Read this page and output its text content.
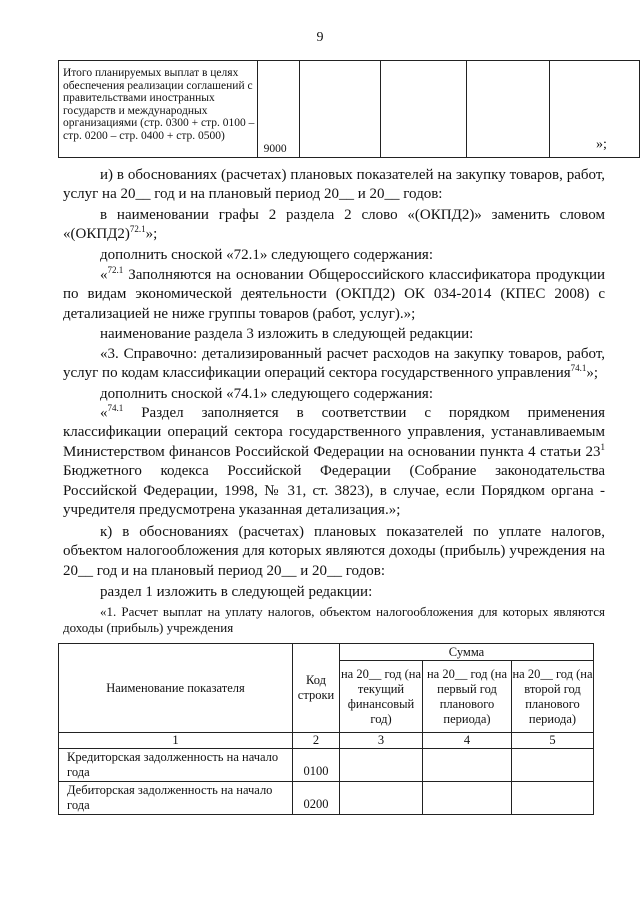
9
Итого планируемых выплат в целях обеспечения реализации соглашений с правительствами иностранных государств и международных организациями (стр. 0300 + стр. 0100 – стр. 0200 – стр. 0400 + стр. 0500)	9000					»;

и) в обоснованиях (расчетах) плановых показателей на закупку товаров, работ, услуг на 20__ год и на плановый период 20__ и 20__ годов:

в наименовании графы 2 раздела 2 слово «(ОКПД2)» заменить словом «(ОКПД2)$^{72.1}$»;

дополнить сноской «72.1» следующего содержания:

«$^{72.1}$ Заполняются на основании Общероссийского классификатора продукции по видам экономической деятельности (ОКПД2) ОК 034-2014 (КПЕС 2008) с детализацией не ниже группы товаров (работ, услуг).»;

наименование раздела 3 изложить в следующей редакции:

«3. Справочно: детализированный расчет расходов на закупку товаров, работ, услуг по кодам классификации операций сектора государственного управления$^{74.1}$»;

дополнить сноской «74.1» следующего содержания:

«$^{74.1}$ Раздел заполняется в соответствии с порядком применения классификации операций сектора государственного управления, устанавливаемым Министерством финансов Российской Федерации на основании пункта 4 статьи $23^1$ Бюджетного кодекса Российской Федерации (Собрание законодательства Российской Федерации, 1998, № 31, ст. 3823), в случае, если Порядком органа - учредителя предусмотрена указанная детализация.»;

к) в обоснованиях (расчетах) плановых показателей по уплате налогов, объектом налогообложения для которых являются доходы (прибыль) учреждения на 20__ год и на плановый период 20__ и 20__ годов:

раздел 1 изложить в следующей редакции:

«1. Расчет выплат на уплату налогов, объектом налогообложения для которых являются доходы (прибыль) учреждения

Наименование показателя	Код строки	Сумма		
		на 20__ год (на текущий финансовый год)	на 20__ год (на первый год планового периода)	на 20__ год (на второй год планового периода)
1	2	3	4	5
Кредиторская задолженность на начало года	0100			
Дебиторская задолженность на начало года	0200			
